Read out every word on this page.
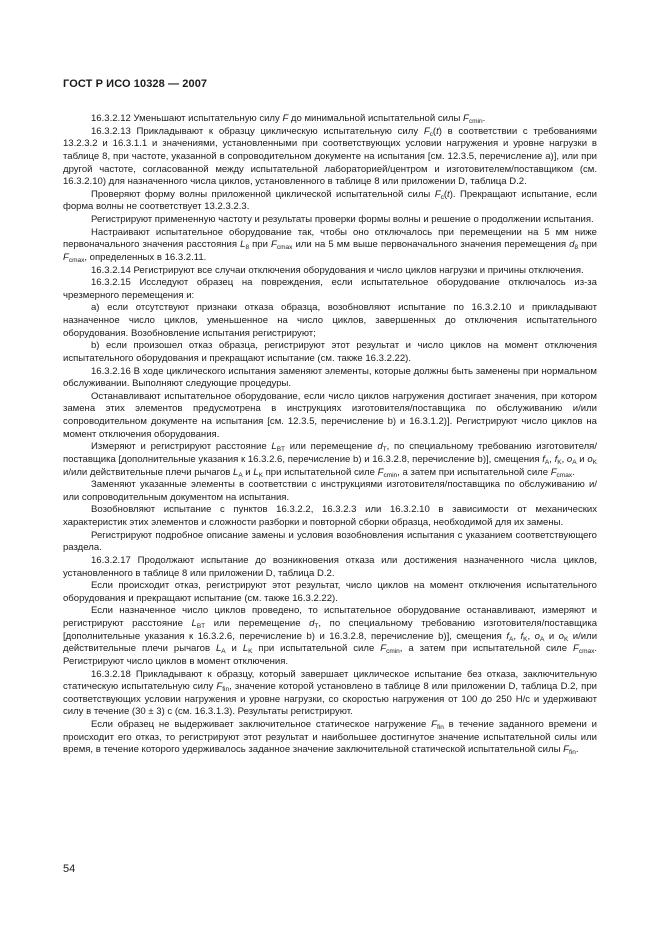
ГОСТ Р ИСО 10328 — 2007

16.3.2.12 Уменьшают испытательную силу F до минимальной испытательной силы $F_{cmin}$.

16.3.2.13 Прикладывают к образцу циклическую испытательную силу $F_c(t)$ в соответствии с требованиями 13.2.3.2 и 16.3.1.1 и значениями, установленными при соответствующих условии нагружения и уровне нагрузки в таблице 8, при частоте, указанной в сопроводительном документе на испытания [см. 12.3.5, перечисление a)], или при другой частоте, согласованной между испытательной лабораторией/центром и изготовителем/поставщиком (см. 16.3.2.10) для назначенного числа циклов, установленного в таблице 8 или приложении D, таблица D.2.

Проверяют форму волны приложенной циклической испытательной силы $F_c(t)$. Прекращают испытание, если форма волны не соответствует 13.2.3.2.3.

Регистрируют примененную частоту и результаты проверки формы волны и решение о продолжении испытания.

Настраивают испытательное оборудование так, чтобы оно отключалось при перемещении на 5 мм ниже первоначального значения расстояния $L_8$ при $F_{cmax}$ или на 5 мм выше первоначального значения перемещения $d_8$ при $F_{cmax}$, определенных в 16.3.2.11.

16.3.2.14 Регистрируют все случаи отключения оборудования и число циклов нагрузки и причины отключения.

16.3.2.15 Исследуют образец на повреждения, если испытательное оборудование отключалось из-за чрезмерного перемещения и:

a) если отсутствуют признаки отказа образца, возобновляют испытание по 16.3.2.10 и прикладывают назначенное число циклов, уменьшенное на число циклов, завершенных до отключения испытательного оборудования. Возобновление испытания регистрируют;

b) если произошел отказ образца, регистрируют этот результат и число циклов на момент отключения испытательного оборудования и прекращают испытание (см. также 16.3.2.22).

16.3.2.16 В ходе циклического испытания заменяют элементы, которые должны быть заменены при нормальном обслуживании. Выполняют следующие процедуры.

Останавливают испытательное оборудование, если число циклов нагружения достигает значения, при котором замена этих элементов предусмотрена в инструкциях изготовителя/поставщика по обслуживанию и/или сопроводительном документе на испытания [см. 12.3.5, перечисление b) и 16.3.1.2)]. Регистрируют число циклов на момент отключения оборудования.

Измеряют и регистрируют расстояние $L_{BT}$ или перемещение $d_T$, по специальному требованию изготовителя/поставщика [дополнительные указания к 16.3.2.6, перечисление b) и 16.3.2.8, перечисление b)], смещения $f_A$, $f_K$, $o_A$ и $o_K$ и/или действительные плечи рычагов $L_A$ и $L_K$ при испытательной силе $F_{cmin}$, а затем при испытательной силе $F_{cmax}$.

Заменяют указанные элементы в соответствии с инструкциями изготовителя/поставщика по обслуживанию и/или сопроводительным документом на испытания.

Возобновляют испытание с пунктов 16.3.2.2, 16.3.2.3 или 16.3.2.10 в зависимости от механических характеристик этих элементов и сложности разборки и повторной сборки образца, необходимой для их замены.

Регистрируют подробное описание замены и условия возобновления испытания с указанием соответствующего раздела.

16.3.2.17 Продолжают испытание до возникновения отказа или достижения назначенного числа циклов, установленного в таблице 8 или приложении D, таблица D.2.

Если происходит отказ, регистрируют этот результат, число циклов на момент отключения испытательного оборудования и прекращают испытание (см. также 16.3.2.22).

Если назначенное число циклов проведено, то испытательное оборудование останавливают, измеряют и регистрируют расстояние $L_{BT}$ или перемещение $d_T$, по специальному требованию изготовителя/поставщика [дополнительные указания к 16.3.2.6, перечисление b) и 16.3.2.8, перечисление b)], смещения $f_A$, $f_K$, $o_A$ и $o_K$ и/или действительные плечи рычагов $L_A$ и $L_K$ при испытательной силе $F_{cmin}$, а затем при испытательной силе $F_{cmax}$. Регистрируют число циклов в момент отключения.

16.3.2.18 Прикладывают к образцу, который завершает циклическое испытание без отказа, заключительную статическую испытательную силу $F_{fin}$, значение которой установлено в таблице 8 или приложении D, таблица D.2, при соответствующих условии нагружения и уровне нагрузки, со скоростью нагружения от 100 до 250 Н/с и удерживают силу в течение (30 ± 3) с (см. 16.3.1.3). Результаты регистрируют.

Если образец не выдерживает заключительное статическое нагружение $F_{fin}$ в течение заданного времени и происходит его отказ, то регистрируют этот результат и наибольшее достигнутое значение испытательной силы или время, в течение которого удерживалось заданное значение заключительной статической испытательной силы $F_{fin}$.

54
